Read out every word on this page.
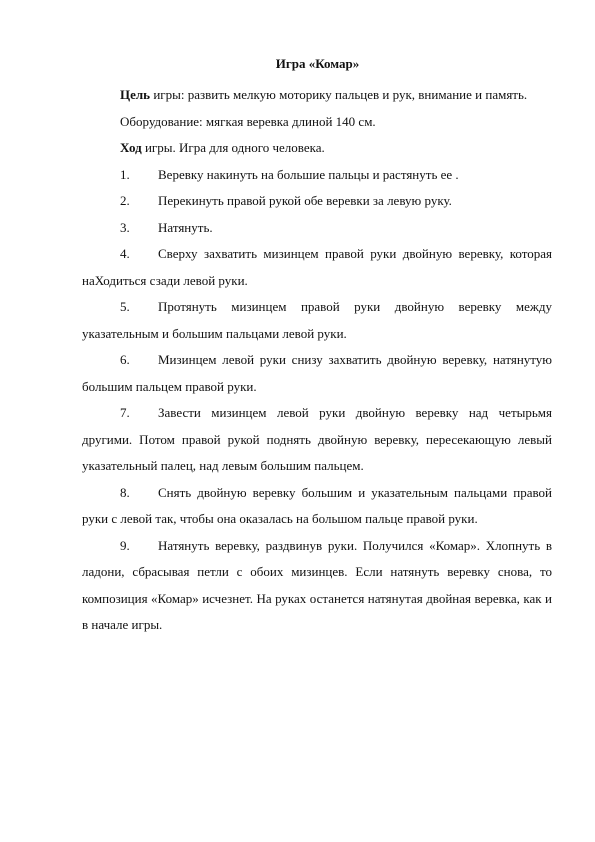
Игра «Комар»

Цель игры: развить мелкую моторику пальцев и рук, внимание и память.

Оборудование: мягкая веревка длиной 140 см.

Ход игры. Игра для одного человека.

1. Веревку накинуть на большие пальцы и растянуть ее .

2. Перекинуть правой рукой обе веревки за левую руку.

3. Натянуть.

4. Сверху захватить мизинцем правой руки двойную веревку, которая наХодиться сзади левой руки.

5. Протянуть мизинцем правой руки двойную веревку между указательным и большим пальцами левой руки.

6. Мизинцем левой руки снизу захватить двойную веревку, натянутую большим пальцем правой руки.

7. Завести мизинцем левой руки двойную веревку над четырьмя другими. Потом правой рукой поднять двойную веревку, пересекающую левый указательный палец, над левым большим пальцем.

8. Снять двойную веревку большим и указательным пальцами правой руки с левой так, чтобы она оказалась на большом пальце правой руки.

9. Натянуть веревку, раздвинув руки. Получился «Комар». Хлопнуть в ладони, сбрасывая петли с обоих мизинцев. Если натянуть веревку снова, то композиция «Комар» исчезнет. На руках останется натянутая двойная веревка, как и в начале игры.
